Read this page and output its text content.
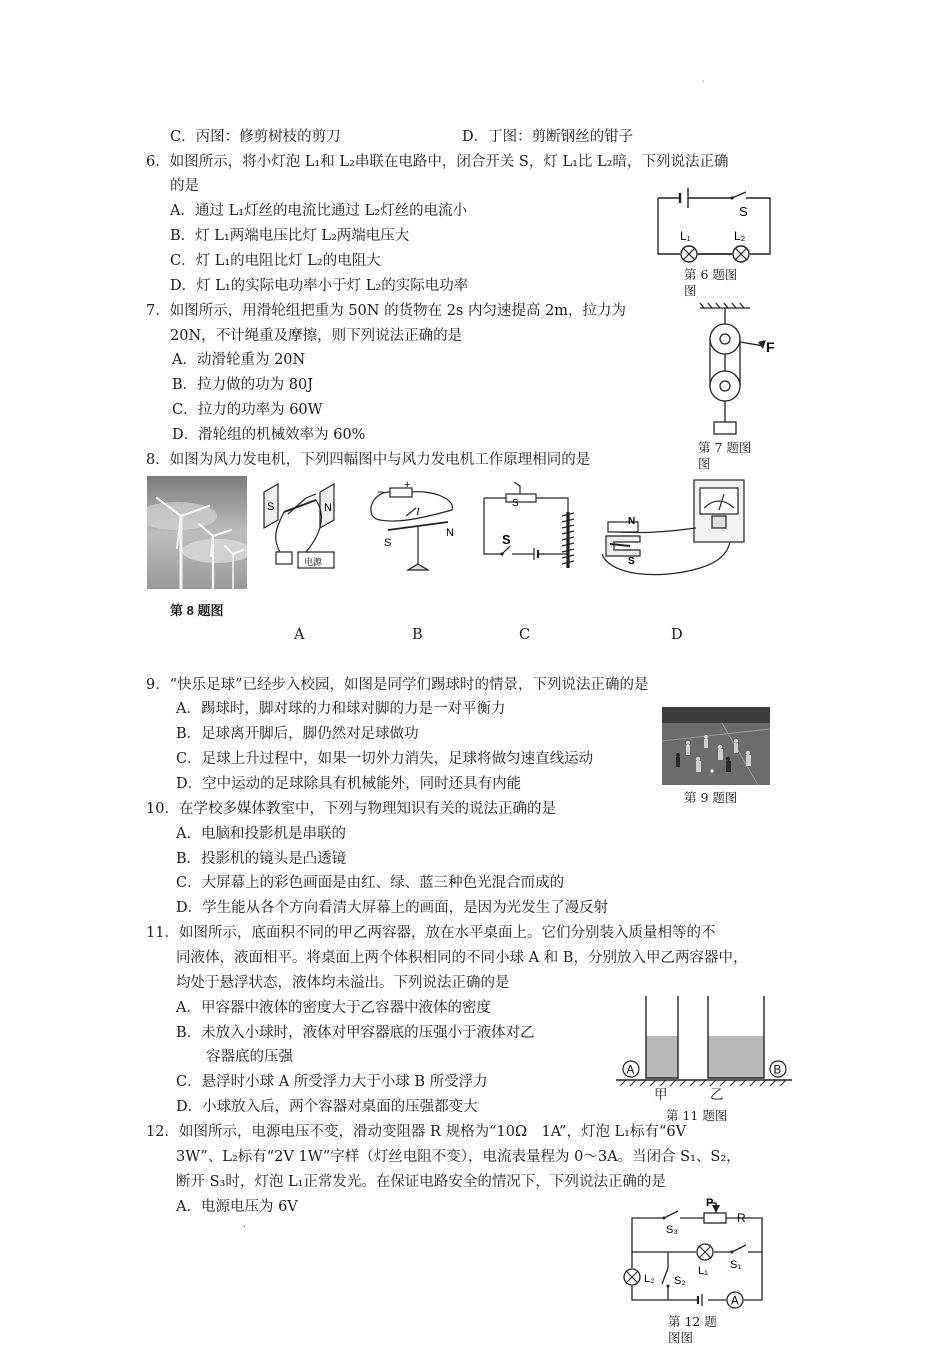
ʿ
C．丙图：修剪树枝的剪刀	D．丁图：剪断钢丝的钳子
6．如图所示，将小灯泡 L₁和 L₂串联在电路中，闭合开关 S，灯 L₁比 L₂暗，下列说法正确
的是
A．通过 L₁灯丝的电流比通过 L₂灯丝的电流小
B．灯 L₁两端电压比灯 L₂两端电压大
C．灯 L₁的电阻比灯 L₂的电阻大
D．灯 L₁的实际电功率小于灯 L₂的实际电功率
S
L₁	L₂
第 6 题图
图
7．如图所示，用滑轮组把重为 50N 的货物在 2s 内匀速提高 2m，拉力为
20N，不计绳重及摩擦，则下列说法正确的是
A．动滑轮重为 20N
B．拉力做的功为 80J
C．拉力的功率为 60W
D．滑轮组的机械效率为 60%
F
第 7 题图
图
8．如图为风力发电机，下列四幅图中与风力发电机工作原理相同的是
S	N
电源
− +
I
S
N	S
S
N
S
第 8 题图
A	B	C	D
9．“快乐足球”已经步入校园，如图是同学们踢球时的情景，下列说法正确的是
A．踢球时，脚对球的力和球对脚的力是一对平衡力
B．足球离开脚后，脚仍然对足球做功
C．足球上升过程中，如果一切外力消失，足球将做匀速直线运动
D．空中运动的足球除具有机械能外，同时还具有内能
第 9 题图
10．在学校多媒体教室中，下列与物理知识有关的说法正确的是
A．电脑和投影机是串联的
B．投影机的镜头是凸透镜
C．大屏幕上的彩色画面是由红、绿、蓝三种色光混合而成的
D．学生能从各个方向看清大屏幕上的画面，是因为光发生了漫反射
11．如图所示，底面积不同的甲乙两容器，放在水平桌面上。它们分别装入质量相等的不
同液体，液面相平。将桌面上两个体积相同的不同小球 A 和 B，分别放入甲乙两容器中，
均处于悬浮状态，液体均未溢出。下列说法正确的是
A．甲容器中液体的密度大于乙容器中液体的密度
B．未放入小球时，液体对甲容器底的压强小于液体对乙
容器底的压强
C．悬浮时小球 A 所受浮力大于小球 B 所受浮力
D．小球放入后，两个容器对桌面的压强都变大
A	B
甲	乙
第 11 题图
12．如图所示，电源电压不变，滑动变阻器 R 规格为“10Ω　1A”，灯泡 L₁标有“6V
3W”、L₂标有“2V 1W”字样（灯丝电阻不变），电流表量程为 0～3A。当闭合 S₁、S₂，
断开 S₃时，灯泡 L₁正常发光。在保证电路安全的情况下，下列说法正确的是
A．电源电压为 6V
·
A
P
R
S₃
S₁
L₁
L₂ S₂
第 12 题
图图
